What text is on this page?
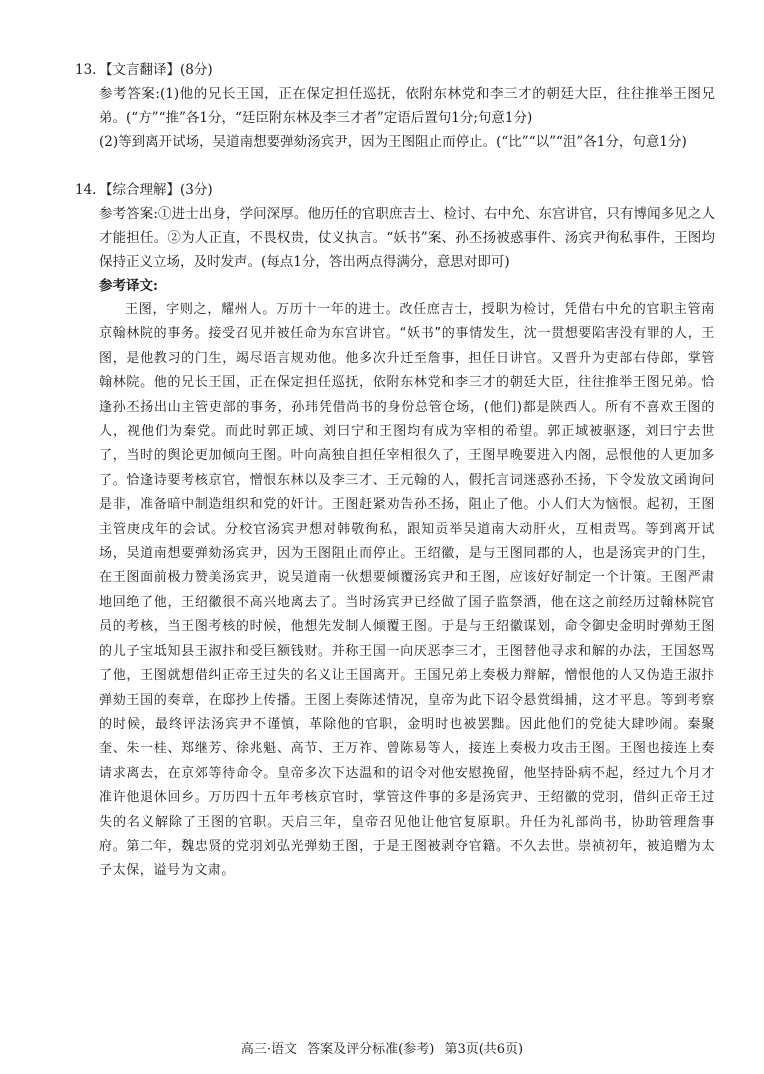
13. 【文言翻译】(8分)

参考答案:(1)他的兄长王国，正在保定担任巡抚，依附东林党和李三才的朝廷大臣，往往推举王图兄弟。(“方”“推”各1分，“廷臣附东林及李三才者”定语后置句1分;句意1分)

(2)等到离开试场，吴道南想要弹劾汤宾尹，因为王图阻止而停止。(“比”“以”“沮”各1分，句意1分)

14. 【综合理解】(3分)

参考答案:①进士出身，学问深厚。他历任的官职庶吉士、检讨、右中允、东宫讲官，只有博闻多见之人才能担任。②为人正直，不畏权贵，仗义执言。“妖书”案、孙丕扬被惑事件、汤宾尹徇私事件，王图均保持正义立场，及时发声。(每点1分，答出两点得满分，意思对即可)

参考译文:

王图，字则之，耀州人。万历十一年的进士。改任庶吉士，授职为检讨，凭借右中允的官职主管南京翰林院的事务。接受召见并被任命为东宫讲官。“妖书”的事情发生，沈一贯想要陷害没有罪的人，王图，是他教习的门生，竭尽语言规劝他。他多次升迁至詹事，担任日讲官。又晋升为吏部右侍郎，掌管翰林院。他的兄长王国，正在保定担任巡抚，依附东林党和李三才的朝廷大臣，往往推举王图兄弟。恰逢孙丕扬出山主管吏部的事务，孙玮凭借尚书的身份总管仓场，(他们)都是陕西人。所有不喜欢王图的人，视他们为秦党。而此时郭正域、刘曰宁和王图均有成为宰相的希望。郭正域被驱逐，刘曰宁去世了，当时的舆论更加倾向王图。叶向高独自担任宰相很久了，王图早晚要进入内阁，忌恨他的人更加多了。恰逢诗要考核京官，憎恨东林以及李三才、王元翰的人，假托言词迷惑孙丕扬，下令发放文函询问是非，准备暗中制造组织和党的奸计。王图赶紧劝告孙丕扬，阻止了他。小人们大为恼恨。起初，王图主管庚戌年的会试。分校官汤宾尹想对韩敬徇私，跟知贡举吴道南大动肝火，互相责骂。等到离开试场，吴道南想要弹劾汤宾尹，因为王图阻止而停止。王绍徽，是与王图同郡的人，也是汤宾尹的门生，在王图面前极力赞美汤宾尹，说吴道南一伙想要倾覆汤宾尹和王图，应该好好制定一个计策。王图严肃地回绝了他，王绍徽很不高兴地离去了。当时汤宾尹已经做了国子监祭酒，他在这之前经历过翰林院官员的考核，当王图考核的时候，他想先发制人倾覆王图。于是与王绍徽谋划，命令御史金明时弹劾王图的儿子宝坻知县王淑抃和受巨额钱财。并称王国一向厌恶李三才，王图替他寻求和解的办法，王国怒骂了他，王图就想借纠正帝王过失的名义让王国离开。王国兄弟上奏极力辩解，憎恨他的人又伪造王淑抃弹劾王国的奏章，在邸抄上传播。王图上奏陈述情况，皇帝为此下诏令悬赏缉捕，这才平息。等到考察的时候，最终评法汤宾尹不谨慎，革除他的官职，金明时也被罢黜。因此他们的党徒大肆吵闹。秦聚奎、朱一桂、郑继芳、徐兆魁、高节、王万祚、曾陈易等人，接连上奏极力攻击王图。王图也接连上奏请求离去，在京郊等待命令。皇帝多次下达温和的诏令对他安慰挽留，他坚持卧病不起，经过九个月才准许他退休回乡。万历四十五年考核京官时，掌管这件事的多是汤宾尹、王绍徽的党羽，借纠正帝王过失的名义解除了王图的官职。天启三年，皇帝召见他让他官复原职。升任为礼部尚书，协助管理詹事府。第二年，魏忠贤的党羽刘弘光弹劾王图，于是王图被剥夺官籍。不久去世。崇祯初年，被追赠为太子太保，谥号为文肃。

高三·语文 答案及评分标准(参考) 第3页(共6页)
